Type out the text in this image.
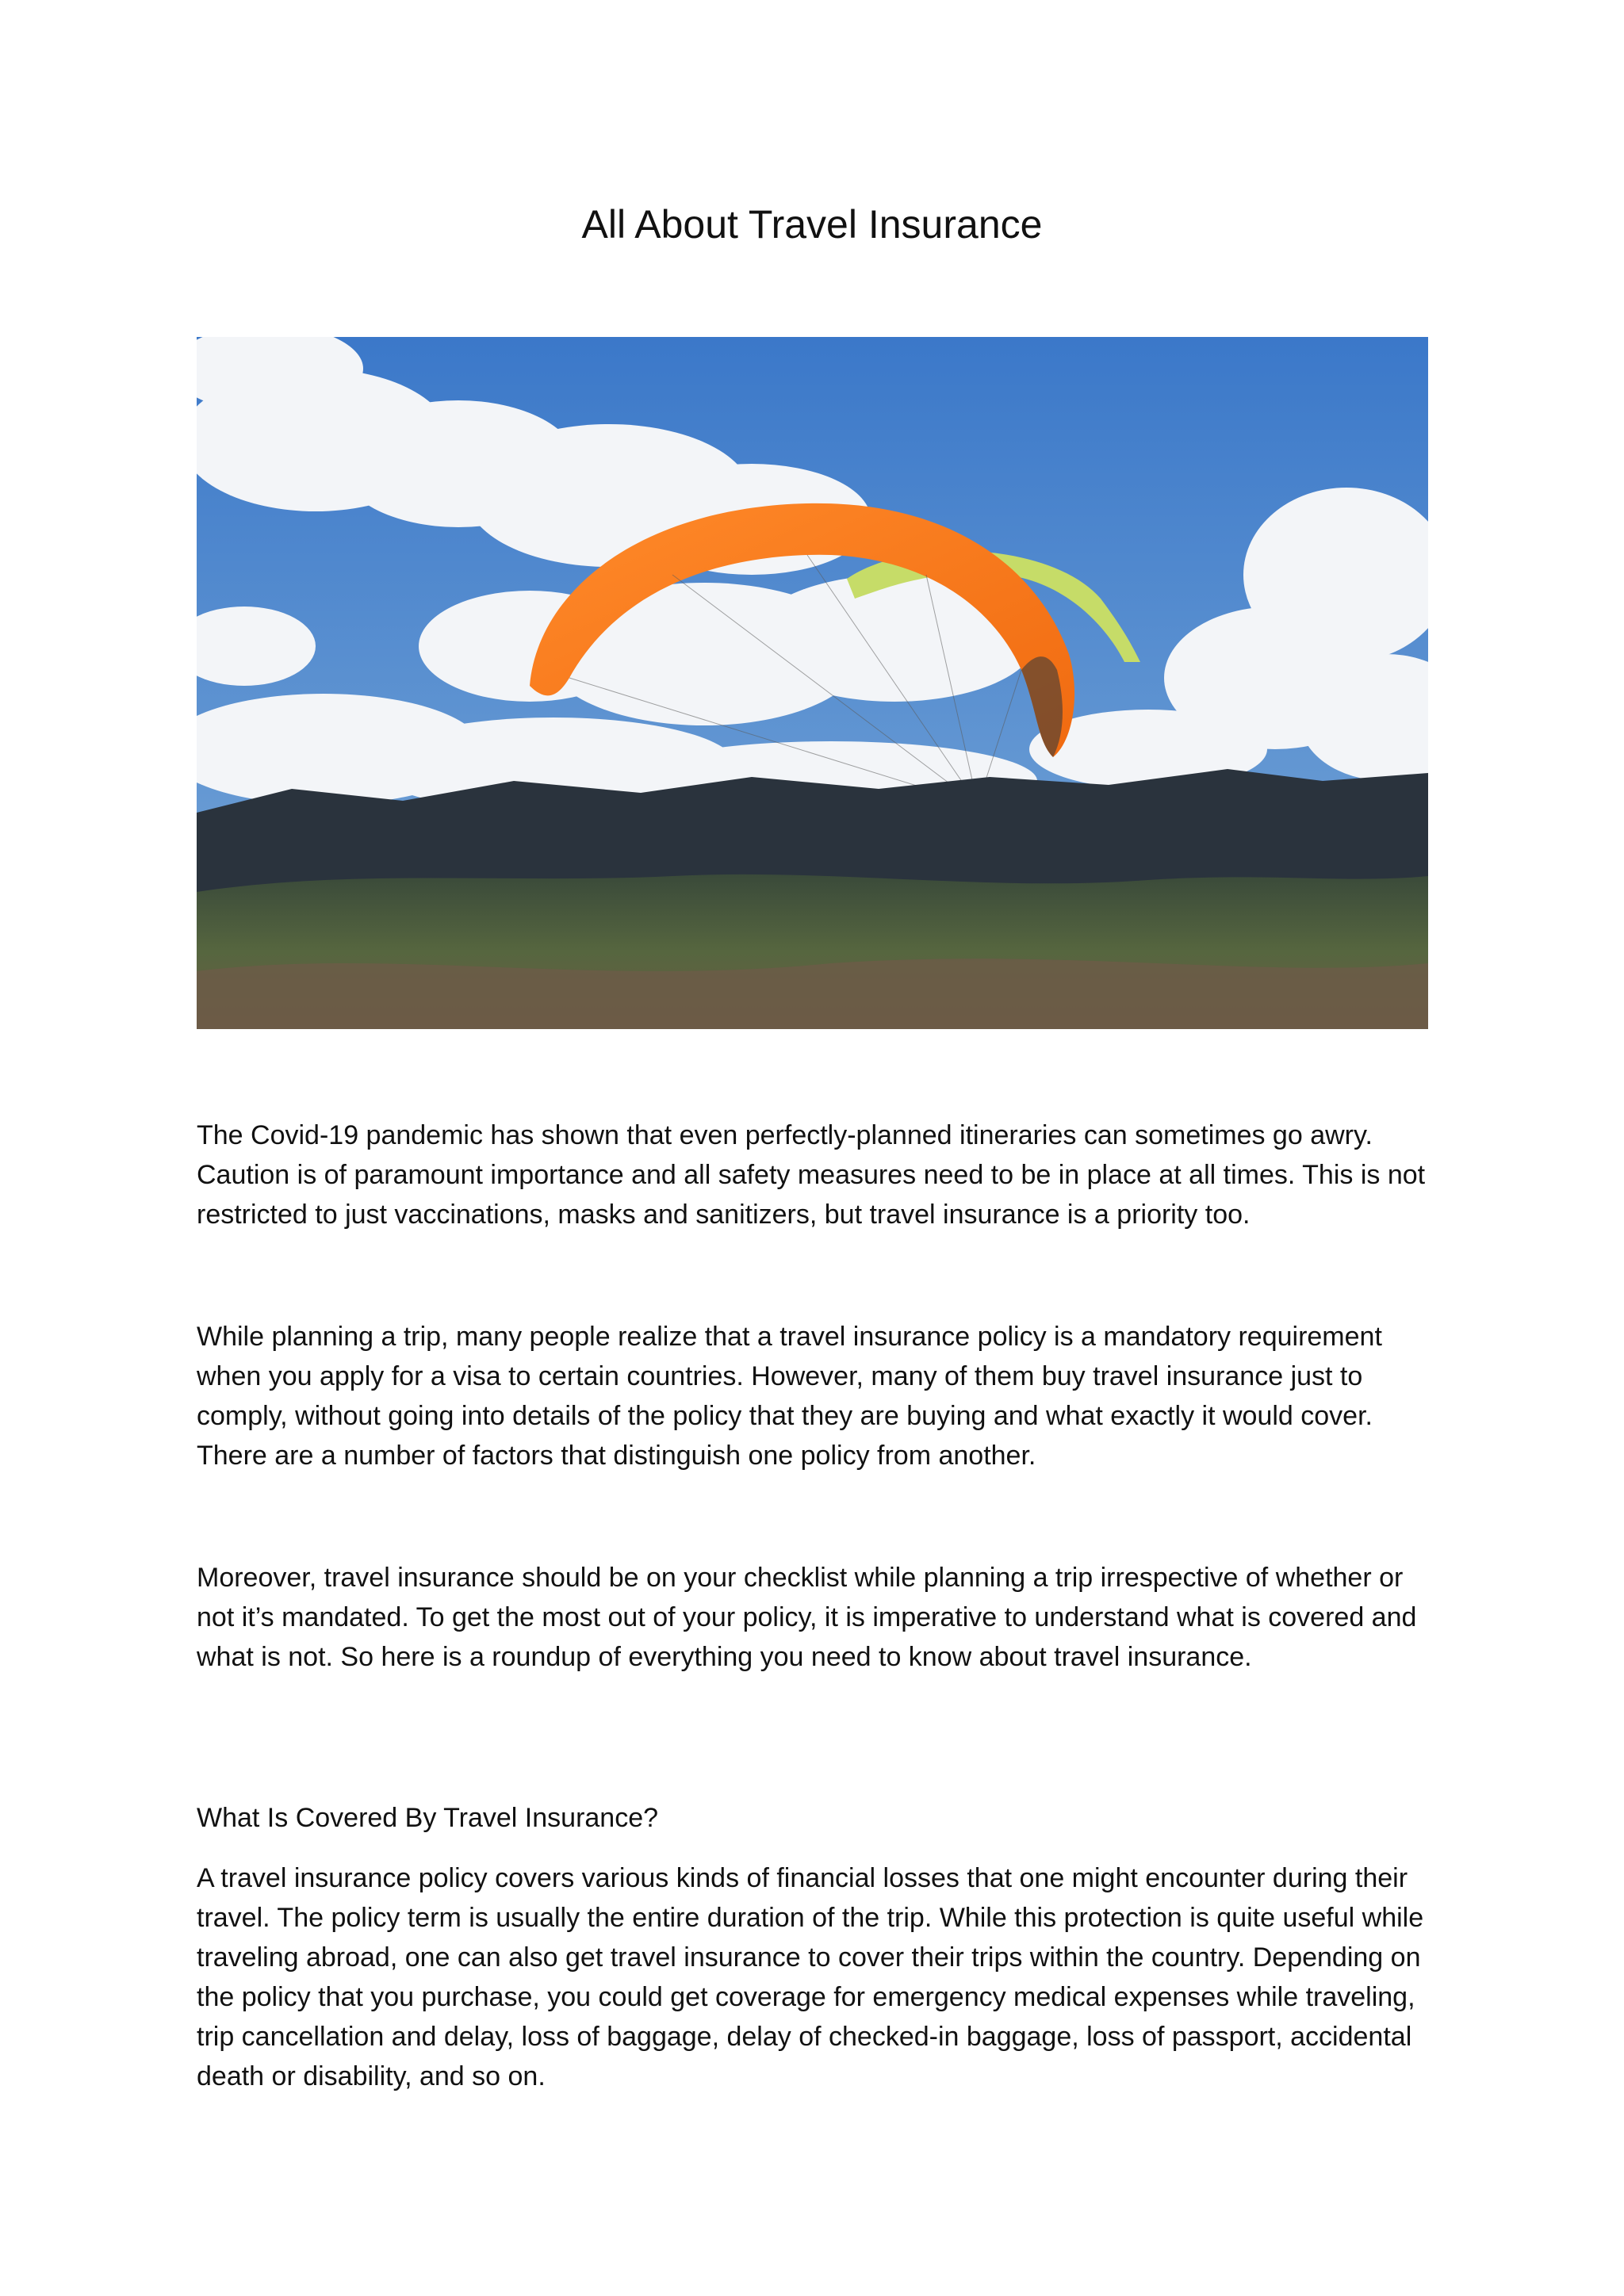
All About Travel Insurance

The Covid-19 pandemic has shown that even perfectly-planned itineraries can sometimes go awry. Caution is of paramount importance and all safety measures need to be in place at all times. This is not restricted to just vaccinations, masks and sanitizers, but travel insurance is a priority too.

While planning a trip, many people realize that a travel insurance policy is a mandatory requirement when you apply for a visa to certain countries. However, many of them buy travel insurance just to comply, without going into details of the policy that they are buying and what exactly it would cover. There are a number of factors that distinguish one policy from another.

Moreover, travel insurance should be on your checklist while planning a trip irrespective of whether or not it’s mandated. To get the most out of your policy, it is imperative to understand what is covered and what is not. So here is a roundup of everything you need to know about travel insurance.

What Is Covered By Travel Insurance?

A travel insurance policy covers various kinds of financial losses that one might encounter during their travel. The policy term is usually the entire duration of the trip. While this protection is quite useful while traveling abroad, one can also get travel insurance to cover their trips within the country. Depending on the policy that you purchase, you could get coverage for emergency medical expenses while traveling, trip cancellation and delay, loss of baggage, delay of checked-in baggage, loss of passport, accidental death or disability, and so on.
